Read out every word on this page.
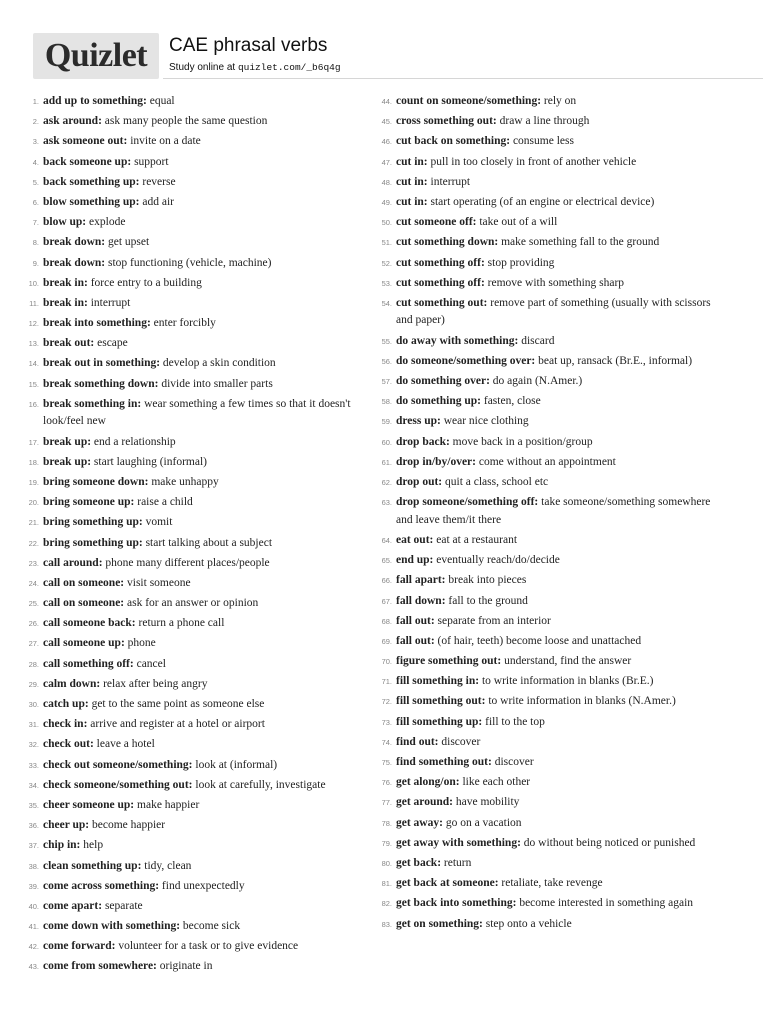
Quizlet	CAE phrasal verbs
Study online at quizlet.com/_b6q4g
1. add up to something: equal
2. ask around: ask many people the same question
3. ask someone out: invite on a date
4. back someone up: support
5. back something up: reverse
6. blow something up: add air
7. blow up: explode
8. break down: get upset
9. break down: stop functioning (vehicle, machine)
10. break in: force entry to a building
11. break in: interrupt
12. break into something: enter forcibly
13. break out: escape
14. break out in something: develop a skin condition
15. break something down: divide into smaller parts
16. break something in: wear something a few times so that it doesn't look/feel new
17. break up: end a relationship
18. break up: start laughing (informal)
19. bring someone down: make unhappy
20. bring someone up: raise a child
21. bring something up: vomit
22. bring something up: start talking about a subject
23. call around: phone many different places/people
24. call on someone: visit someone
25. call on someone: ask for an answer or opinion
26. call someone back: return a phone call
27. call someone up: phone
28. call something off: cancel
29. calm down: relax after being angry
30. catch up: get to the same point as someone else
31. check in: arrive and register at a hotel or airport
32. check out: leave a hotel
33. check out someone/something: look at (informal)
34. check someone/something out: look at carefully, investigate
35. cheer someone up: make happier
36. cheer up: become happier
37. chip in: help
38. clean something up: tidy, clean
39. come across something: find unexpectedly
40. come apart: separate
41. come down with something: become sick
42. come forward: volunteer for a task or to give evidence
43. come from somewhere: originate in
44. count on someone/something: rely on
45. cross something out: draw a line through
46. cut back on something: consume less
47. cut in: pull in too closely in front of another vehicle
48. cut in: interrupt
49. cut in: start operating (of an engine or electrical device)
50. cut someone off: take out of a will
51. cut something down: make something fall to the ground
52. cut something off: stop providing
53. cut something off: remove with something sharp
54. cut something out: remove part of something (usually with scissors and paper)
55. do away with something: discard
56. do someone/something over: beat up, ransack (Br.E., informal)
57. do something over: do again (N.Amer.)
58. do something up: fasten, close
59. dress up: wear nice clothing
60. drop back: move back in a position/group
61. drop in/by/over: come without an appointment
62. drop out: quit a class, school etc
63. drop someone/something off: take someone/something somewhere and leave them/it there
64. eat out: eat at a restaurant
65. end up: eventually reach/do/decide
66. fall apart: break into pieces
67. fall down: fall to the ground
68. fall out: separate from an interior
69. fall out: (of hair, teeth) become loose and unattached
70. figure something out: understand, find the answer
71. fill something in: to write information in blanks (Br.E.)
72. fill something out: to write information in blanks (N.Amer.)
73. fill something up: fill to the top
74. find out: discover
75. find something out: discover
76. get along/on: like each other
77. get around: have mobility
78. get away: go on a vacation
79. get away with something: do without being noticed or punished
80. get back: return
81. get back at someone: retaliate, take revenge
82. get back into something: become interested in something again
83. get on something: step onto a vehicle
